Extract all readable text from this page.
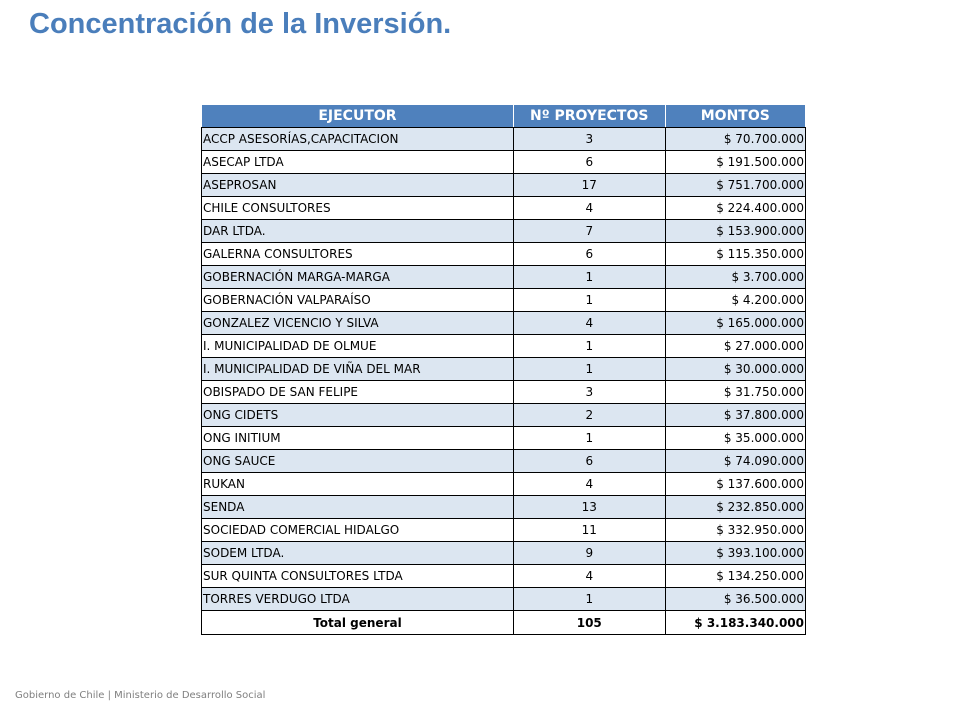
Concentración de la Inversión.
EJECUTOR	Nº PROYECTOS	MONTOS
ACCP ASESORÍAS,CAPACITACION	3	$ 70.700.000
ASECAP LTDA	6	$ 191.500.000
ASEPROSAN	17	$ 751.700.000
CHILE CONSULTORES	4	$ 224.400.000
DAR LTDA.	7	$ 153.900.000
GALERNA CONSULTORES	6	$ 115.350.000
GOBERNACIÓN MARGA-MARGA	1	$ 3.700.000
GOBERNACIÓN VALPARAÍSO	1	$ 4.200.000
GONZALEZ VICENCIO Y SILVA	4	$ 165.000.000
I. MUNICIPALIDAD DE OLMUE	1	$ 27.000.000
I. MUNICIPALIDAD DE VIÑA DEL MAR	1	$ 30.000.000
OBISPADO DE SAN FELIPE	3	$ 31.750.000
ONG CIDETS	2	$ 37.800.000
ONG INITIUM	1	$ 35.000.000
ONG SAUCE	6	$ 74.090.000
RUKAN	4	$ 137.600.000
SENDA	13	$ 232.850.000
SOCIEDAD COMERCIAL HIDALGO	11	$ 332.950.000
SODEM LTDA.	9	$ 393.100.000
SUR QUINTA CONSULTORES LTDA	4	$ 134.250.000
TORRES VERDUGO LTDA	1	$ 36.500.000
Total general	105	$ 3.183.340.000
Gobierno de Chile | Ministerio de Desarrollo Social
